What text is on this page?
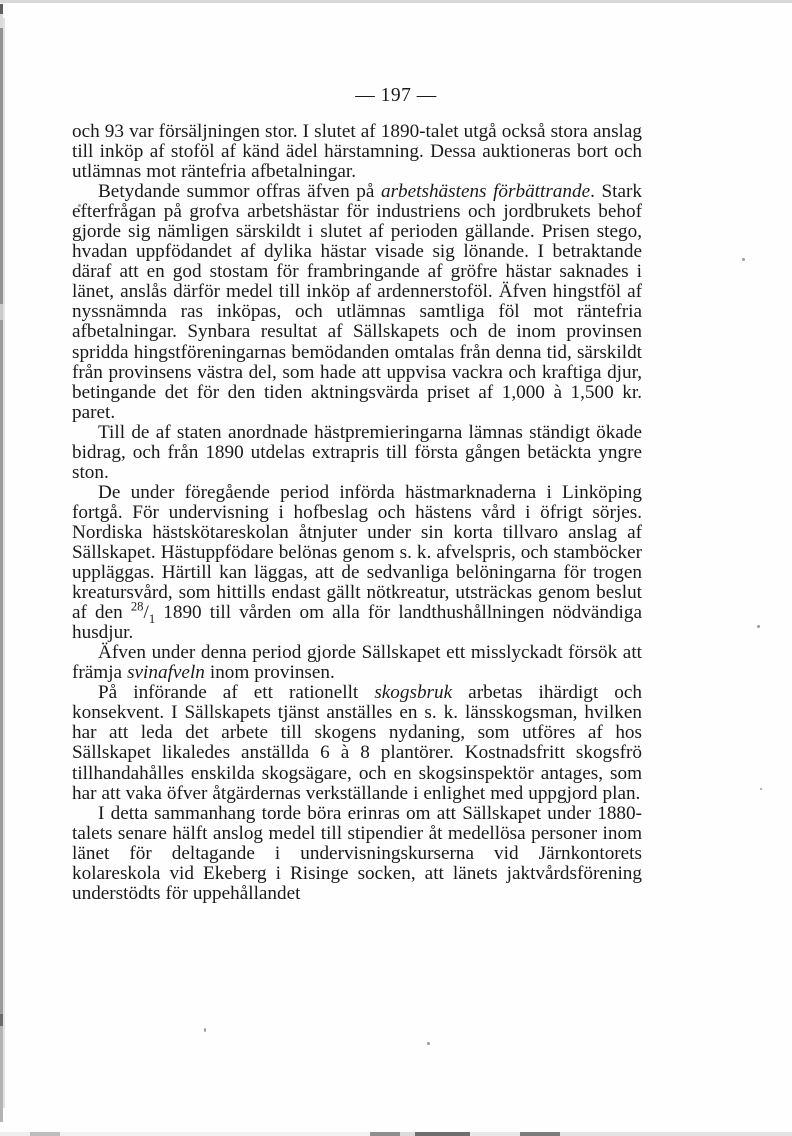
— 197 —

och 93 var försäljningen stor. I slutet af 1890-talet utgå också stora anslag till inköp af stoföl af känd ädel härstamning. Dessa auktioneras bort och utlämnas mot räntefria afbetalningar.

Betydande summor offras äfven på arbetshästens förbättrande. Stark efterfrågan på grofva arbetshästar för industriens och jordbrukets behof gjorde sig nämligen särskildt i slutet af perioden gällande. Prisen stego, hvadan uppfödandet af dylika hästar visade sig lönande. I betraktande däraf att en god stostam för frambringande af gröfre hästar saknades i länet, anslås därför medel till inköp af ardennerstoföl. Äfven hingstföl af nyssnämnda ras inköpas, och utlämnas samtliga föl mot räntefria afbetalningar. Synbara resultat af Sällskapets och de inom provinsen spridda hingstföreningarnas bemödanden omtalas från denna tid, särskildt från provinsens västra del, som hade att uppvisa vackra och kraftiga djur, betingande det för den tiden aktningsvärda priset af 1,000 à 1,500 kr. paret.

Till de af staten anordnade hästpremieringarna lämnas ständigt ökade bidrag, och från 1890 utdelas extrapris till första gången betäckta yngre ston.

De under föregående period införda hästmarknaderna i Linköping fortgå. För undervisning i hofbeslag och hästens vård i öfrigt sörjes. Nordiska hästskötareskolan åtnjuter under sin korta tillvaro anslag af Sällskapet. Hästuppfödare belönas genom s. k. afvelspris, och stamböcker uppläggas. Härtill kan läggas, att de sedvanliga belöningarna för trogen kreatursvård, som hittills endast gällt nötkreatur, utsträckas genom beslut af den $^{28}/_1$ 1890 till vården om alla för landthushållningen nödvändiga husdjur.

Äfven under denna period gjorde Sällskapet ett misslyckadt försök att främja svinafveln inom provinsen.

På införande af ett rationellt skogsbruk arbetas ihärdigt och konsekvent. I Sällskapets tjänst anställes en s. k. länsskogsman, hvilken har att leda det arbete till skogens nydaning, som utföres af hos Sällskapet likaledes anställda 6 à 8 plantörer. Kostnadsfritt skogsfrö tillhandahålles enskilda skogsägare, och en skogsinspektör antages, som har att vaka öfver åtgärdernas verkställande i enlighet med uppgjord plan.

I detta sammanhang torde böra erinras om att Sällskapet under 1880-talets senare hälft anslog medel till stipendier åt medellösa personer inom länet för deltagande i undervisningskurserna vid Järnkontorets kolareskola vid Ekeberg i Risinge socken, att länets jaktvårdsförening understödts för uppehållandet
